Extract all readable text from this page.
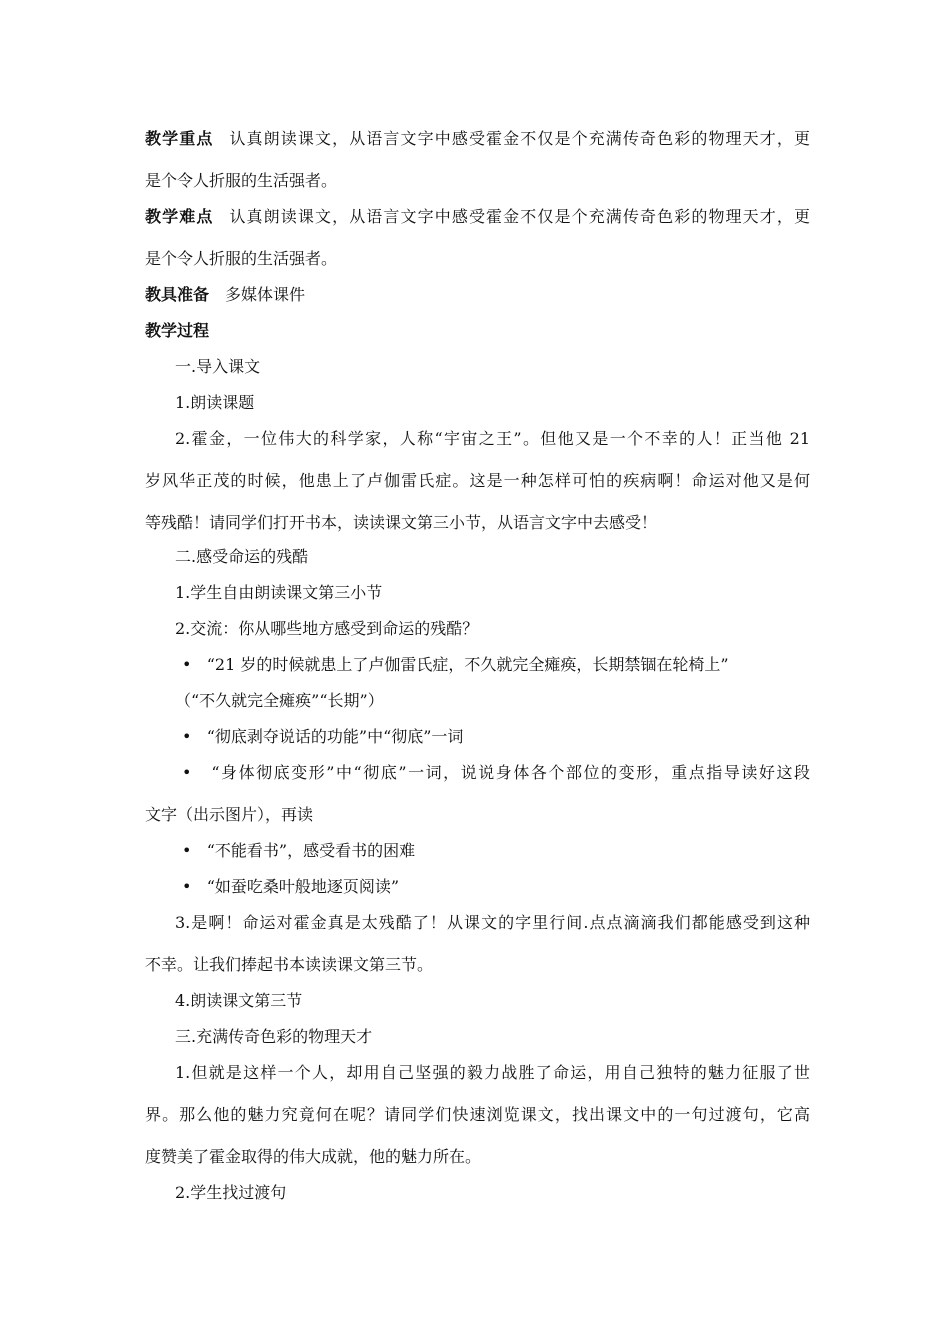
教学重点 认真朗读课文，从语言文字中感受霍金不仅是个充满传奇色彩的物理天才，更

是个令人折服的生活强者。

教学难点 认真朗读课文，从语言文字中感受霍金不仅是个充满传奇色彩的物理天才，更

是个令人折服的生活强者。

教具准备 多媒体课件

教学过程

一.导入课文

1.朗读课题

2.霍金，一位伟大的科学家，人称“宇宙之王”。但他又是一个不幸的人！正当他 21

岁风华正茂的时候，他患上了卢伽雷氏症。这是一种怎样可怕的疾病啊！命运对他又是何

等残酷！请同学们打开书本，读读课文第三小节，从语言文字中去感受！

二.感受命运的残酷

1.学生自由朗读课文第三小节

2.交流：你从哪些地方感受到命运的残酷？

• “21 岁的时候就患上了卢伽雷氏症，不久就完全瘫痪，长期禁锢在轮椅上”

（“不久就完全瘫痪”“长期”）

• “彻底剥夺说话的功能”中“彻底”一词

• “身体彻底变形”中“彻底”一词，说说身体各个部位的变形，重点指导读好这段

文字（出示图片），再读

• “不能看书”，感受看书的困难

• “如蚕吃桑叶般地逐页阅读”

3.是啊！命运对霍金真是太残酷了！从课文的字里行间.点点滴滴我们都能感受到这种

不幸。让我们捧起书本读读课文第三节。

4.朗读课文第三节

三.充满传奇色彩的物理天才

1.但就是这样一个人，却用自己坚强的毅力战胜了命运，用自己独特的魅力征服了世

界。那么他的魅力究竟何在呢？请同学们快速浏览课文，找出课文中的一句过渡句，它高

度赞美了霍金取得的伟大成就，他的魅力所在。

2.学生找过渡句
